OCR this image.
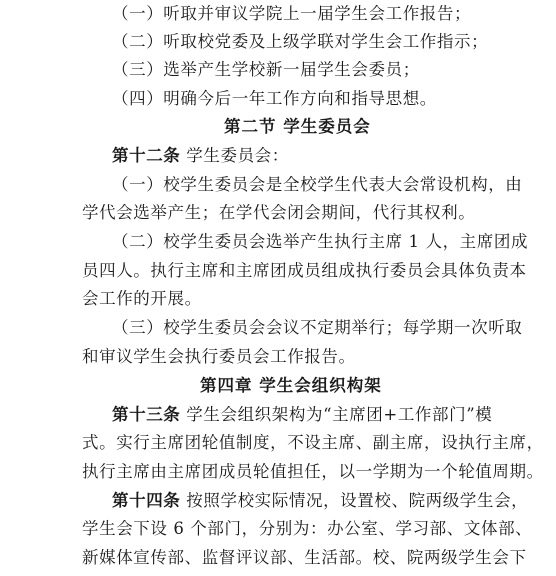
（一）听取并审议学院上一届学生会工作报告；
（二）听取校党委及上级学联对学生会工作指示；
（三）选举产生学校新一届学生会委员；
（四）明确今后一年工作方向和指导思想。
第二节 学生委员会
第十二条 学生委员会：
（一）校学生委员会是全校学生代表大会常设机构，由
学代会选举产生；在学代会闭会期间，代行其权利。
（二）校学生委员会选举产生执行主席 1 人，主席团成
员四人。执行主席和主席团成员组成执行委员会具体负责本
会工作的开展。
（三）校学生委员会会议不定期举行；每学期一次听取
和审议学生会执行委员会工作报告。
第四章 学生会组织构架
第十三条 学生会组织架构为“主席团+工作部门”模
式。实行主席团轮值制度，不设主席、副主席，设执行主席，
执行主席由主席团成员轮值担任，以一学期为一个轮值周期。
第十四条 按照学校实际情况，设置校、院两级学生会，
学生会下设 6 个部门，分别为：办公室、学习部、文体部、
新媒体宣传部、监督评议部、生活部。校、院两级学生会下
